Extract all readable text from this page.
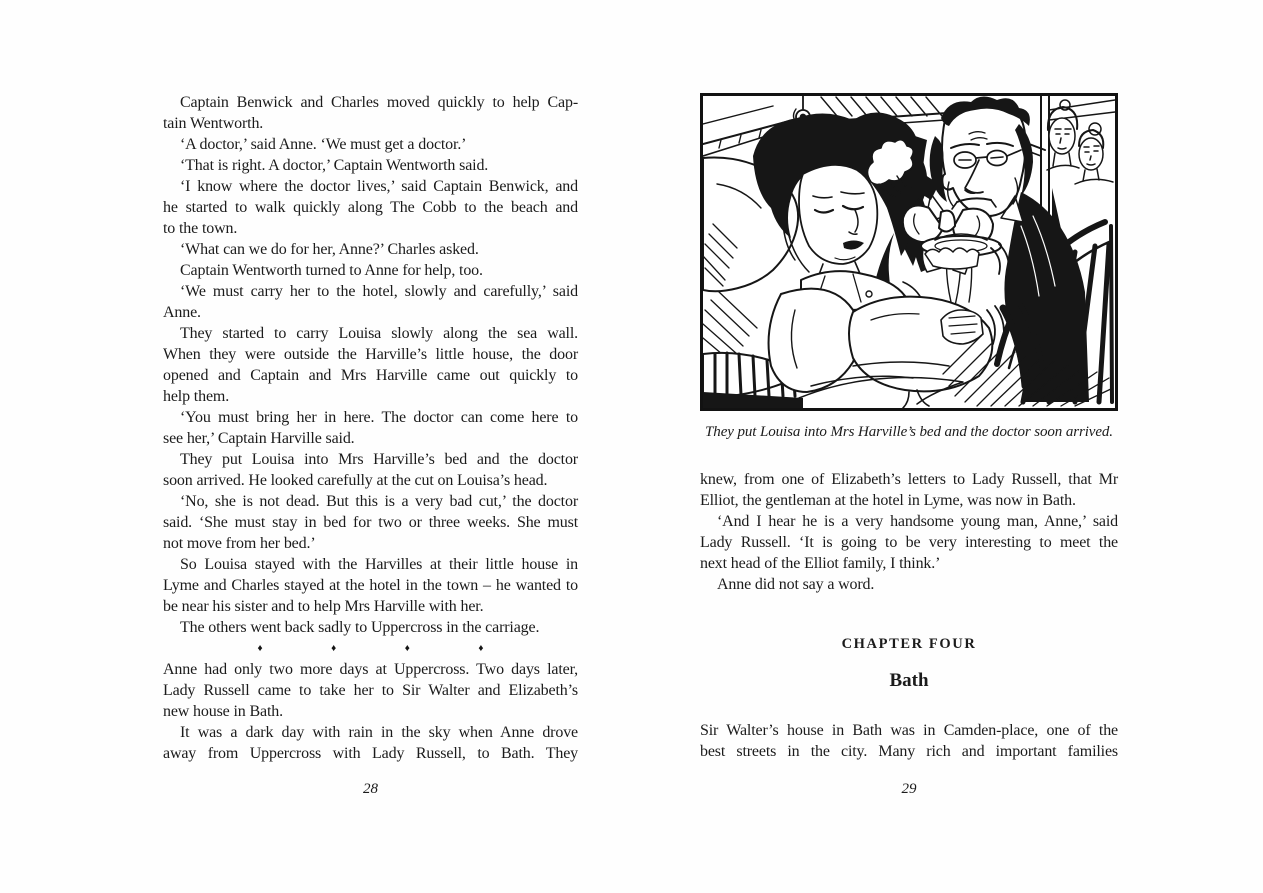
Captain Benwick and Charles moved quickly to help Cap-
tain Wentworth.
‘A doctor,’ said Anne. ‘We must get a doctor.’
‘That is right. A doctor,’ Captain Wentworth said.
‘I know where the doctor lives,’ said Captain Benwick, and
he started to walk quickly along The Cobb to the beach and
to the town.
‘What can we do for her, Anne?’ Charles asked.
Captain Wentworth turned to Anne for help, too.
‘We must carry her to the hotel, slowly and carefully,’ said
Anne.
They started to carry Louisa slowly along the sea wall.
When they were outside the Harville’s little house, the door
opened and Captain and Mrs Harville came out quickly to
help them.
‘You must bring her in here. The doctor can come here to
see her,’ Captain Harville said.
They put Louisa into Mrs Harville’s bed and the doctor
soon arrived. He looked carefully at the cut on Louisa’s head.
‘No, she is not dead. But this is a very bad cut,’ the doctor
said. ‘She must stay in bed for two or three weeks. She must
not move from her bed.’
So Louisa stayed with the Harvilles at their little house in
Lyme and Charles stayed at the hotel in the town – he wanted to
be near his sister and to help Mrs Harville with her.
The others went back sadly to Uppercross in the carriage.
♦	♦	♦	♦
Anne had only two more days at Uppercross. Two days later,
Lady Russell came to take her to Sir Walter and Elizabeth’s
new house in Bath.
It was a dark day with rain in the sky when Anne drove
away from Uppercross with Lady Russell, to Bath. They
28
They put Louisa into Mrs Harville’s bed and the doctor soon arrived.
knew, from one of Elizabeth’s letters to Lady Russell, that Mr
Elliot, the gentleman at the hotel in Lyme, was now in Bath.
‘And I hear he is a very handsome young man, Anne,’ said
Lady Russell. ‘It is going to be very interesting to meet the
next head of the Elliot family, I think.’
Anne did not say a word.
CHAPTER FOUR
Bath
Sir Walter’s house in Bath was in Camden-place, one of the
best streets in the city. Many rich and important families
29
